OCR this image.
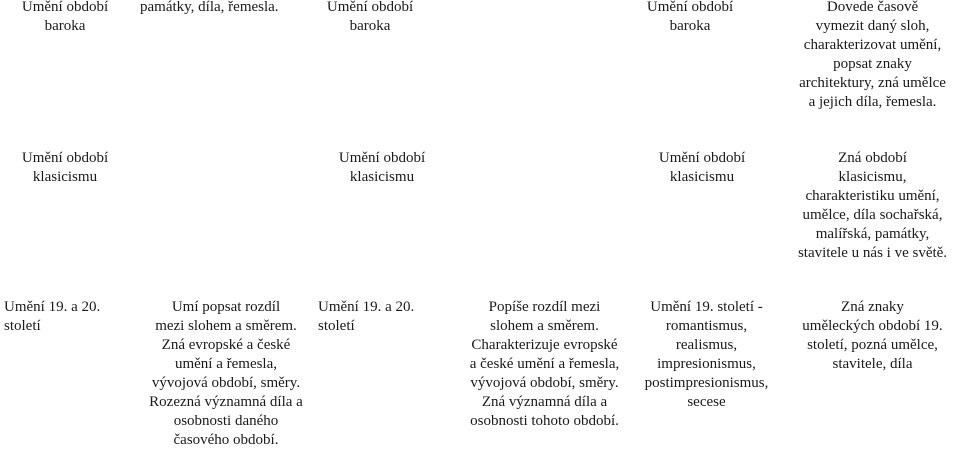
Umění období
baroka
památky, díla, řemesla.	Umění období
baroka
Umění období
baroka
Dovede časově
vymezit daný sloh,
charakterizovat umění,
popsat znaky
architektury, zná umělce
a jejich díla, řemesla.
Umění období
klasicismu
Umění období
klasicismu
Umění období
klasicismu
Zná období
klasicismu,
charakteristiku umění,
umělce, díla sochařská,
malířská, památky,
stavitele u nás i ve světě.
Umění 19. a 20.
století
Umí popsat rozdíl
mezi slohem a směrem.
Zná evropské a české
umění a řemesla,
vývojová období, směry.
Rozezná významná díla a
osobnosti daného
časového období.
Umění 19. a 20.
století
Popíše rozdíl mezi
slohem a směrem.
Charakterizuje evropské
a české umění a řemesla,
vývojová období, směry.
Zná významná díla a
osobnosti tohoto období.
Umění 19. století -
romantismus,
realismus,
impresionismus,
postimpresionismus,
secese
Zná znaky
uměleckých období 19.
století, pozná umělce,
stavitele, díla
